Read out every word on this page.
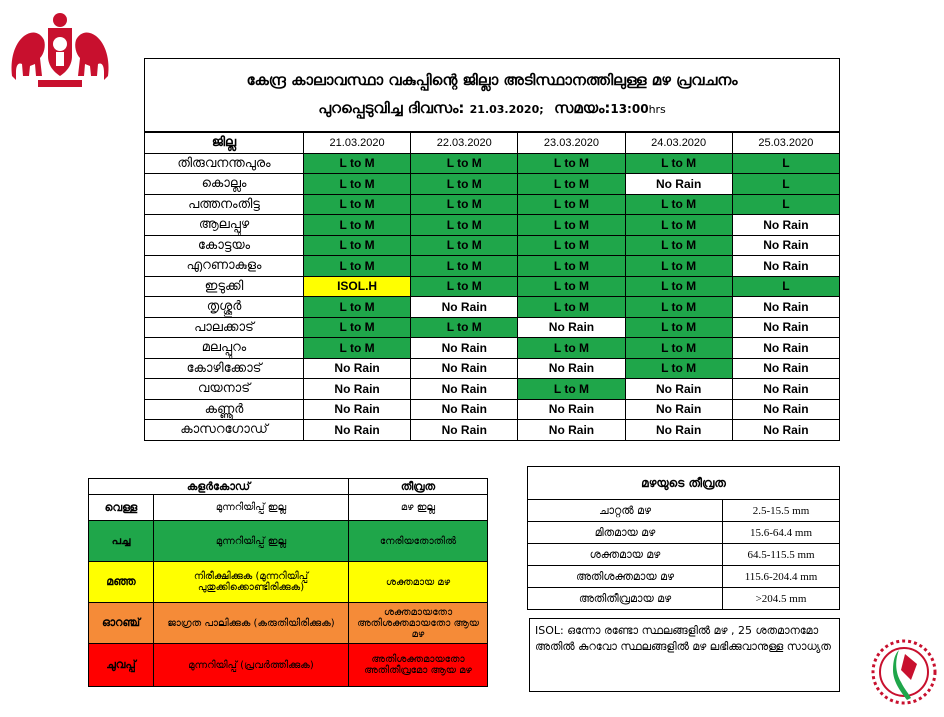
കേന്ദ്ര കാലാവസ്ഥാ വകുപ്പിന്റെ ജില്ലാ അടിസ്ഥാനത്തിലുള്ള മഴ പ്രവചനം
പുറപ്പെടുവിച്ച ദിവസം: 21.03.2020; സമയം:13:00hrs
ജില്ല	21.03.2020	22.03.2020	23.03.2020	24.03.2020	25.03.2020
തിരുവനന്തപുരം	L to M	L to M	L to M	L to M	L
കൊല്ലം	L to M	L to M	L to M	No Rain	L
പത്തനംതിട്ട	L to M	L to M	L to M	L to M	L
ആലപ്പുഴ	L to M	L to M	L to M	L to M	No Rain
കോട്ടയം	L to M	L to M	L to M	L to M	No Rain
എറണാകുളം	L to M	L to M	L to M	L to M	No Rain
ഇടുക്കി	ISOL.H	L to M	L to M	L to M	L
തൃശ്ശൂർ	L to M	No Rain	L to M	L to M	No Rain
പാലക്കാട്	L to M	L to M	No Rain	L to M	No Rain
മലപ്പുറം	L to M	No Rain	L to M	L to M	No Rain
കോഴിക്കോട്	No Rain	No Rain	No Rain	L to M	No Rain
വയനാട്	No Rain	No Rain	L to M	No Rain	No Rain
കണ്ണൂർ	No Rain	No Rain	No Rain	No Rain	No Rain
കാസറഗോഡ്	No Rain	No Rain	No Rain	No Rain	No Rain
കളർകോഡ്		തീവ്രത
വെള്ള	മുന്നറിയിപ്പ് ഇല്ല	മഴ ഇല്ല
പച്ച	മുന്നറിയിപ്പ് ഇല്ല	നേരിയതോതിൽ
മഞ്ഞ	നിരീക്ഷിക്കുക (മുന്നറിയിപ്പ് പുതുക്കിക്കൊണ്ടിരിക്കുക)	ശക്തമായ മഴ
ഓറഞ്ച്	ജാഗ്രത പാലിക്കുക (കരുതിയിരിക്കുക)	ശക്തമായതോ അതിശക്തമായതോ ആയ മഴ
ചുവപ്പ്	മുന്നറിയിപ്പ് (പ്രവർത്തിക്കുക)	അതിശക്തമായതോ അതിതീവ്രമോ ആയ മഴ
മഴയുടെ തീവ്രത	
ചാറ്റൽ മഴ	2.5-15.5 mm
മിതമായ മഴ	15.6-64.4 mm
ശക്തമായ മഴ	64.5-115.5 mm
അതിശക്തമായ മഴ	115.6-204.4 mm
അതിതീവ്രമായ മഴ	>204.5 mm
ISOL: ഒന്നോ രണ്ടോ സ്ഥലങ്ങളിൽ മഴ , 25 ശതമാനമോ അതിൽ കുറവോ സ്ഥലങ്ങളിൽ മഴ ലഭിക്കുവാനുള്ള സാധ്യത
